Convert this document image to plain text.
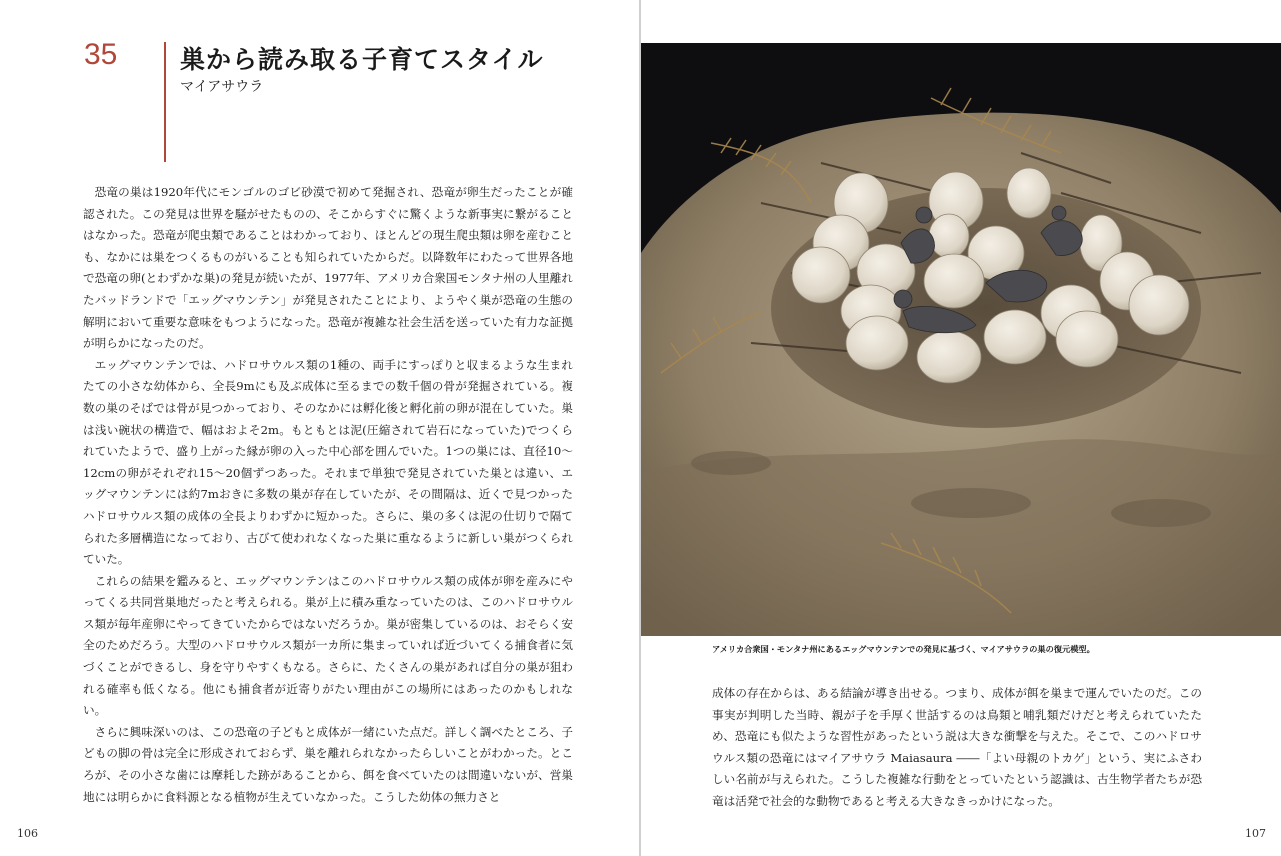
35	巣から読み取る子育てスタイル
マイアサウラ

恐竜の巣は1920年代にモンゴルのゴビ砂漠で初めて発掘され、恐竜が卵生だったことが確認された。この発見は世界を騒がせたものの、そこからすぐに驚くような新事実に繋がることはなかった。恐竜が爬虫類であることはわかっており、ほとんどの現生爬虫類は卵を産むことも、なかには巣をつくるものがいることも知られていたからだ。以降数年にわたって世界各地で恐竜の卵(とわずかな巣)の発見が続いたが、1977年、アメリカ合衆国モンタナ州の人里離れたバッドランドで「エッグマウンテン」が発見されたことにより、ようやく巣が恐竜の生態の解明において重要な意味をもつようになった。恐竜が複雑な社会生活を送っていた有力な証拠が明らかになったのだ。

エッグマウンテンでは、ハドロサウルス類の1種の、両手にすっぽりと収まるような生まれたての小さな幼体から、全長9mにも及ぶ成体に至るまでの数千個の骨が発掘されている。複数の巣のそばでは骨が見つかっており、そのなかには孵化後と孵化前の卵が混在していた。巣は浅い碗状の構造で、幅はおよそ2m。もともとは泥(圧縮されて岩石になっていた)でつくられていたようで、盛り上がった縁が卵の入った中心部を囲んでいた。1つの巣には、直径10～12cmの卵がそれぞれ15～20個ずつあった。それまで単独で発見されていた巣とは違い、エッグマウンテンには約7mおきに多数の巣が存在していたが、その間隔は、近くで見つかったハドロサウルス類の成体の全長よりわずかに短かった。さらに、巣の多くは泥の仕切りで隔てられた多層構造になっており、古びて使われなくなった巣に重なるように新しい巣がつくられていた。

これらの結果を鑑みると、エッグマウンテンはこのハドロサウルス類の成体が卵を産みにやってくる共同営巣地だったと考えられる。巣が上に積み重なっていたのは、このハドロサウルス類が毎年産卵にやってきていたからではないだろうか。巣が密集しているのは、おそらく安全のためだろう。大型のハドロサウルス類が一カ所に集まっていれば近づいてくる捕食者に気づくことができるし、身を守りやすくもなる。さらに、たくさんの巣があれば自分の巣が狙われる確率も低くなる。他にも捕食者が近寄りがたい理由がこの場所にはあったのかもしれない。

さらに興味深いのは、この恐竜の子どもと成体が一緒にいた点だ。詳しく調べたところ、子どもの脚の骨は完全に形成されておらず、巣を離れられなかったらしいことがわかった。ところが、その小さな歯には摩耗した跡があることから、餌を食べていたのは間違いないが、営巣地には明らかに食料源となる植物が生えていなかった。こうした幼体の無力さと

106
アメリカ合衆国・モンタナ州にあるエッグマウンテンでの発見に基づく、マイアサウラの巣の復元模型。

成体の存在からは、ある結論が導き出せる。つまり、成体が餌を巣まで運んでいたのだ。この事実が判明した当時、親が子を手厚く世話するのは鳥類と哺乳類だけだと考えられていたため、恐竜にも似たような習性があったという説は大きな衝撃を与えた。そこで、このハドロサウルス類の恐竜にはマイアサウラ Maiasaura ――「よい母親のトカゲ」という、実にふさわしい名前が与えられた。こうした複雑な行動をとっていたという認識は、古生物学者たちが恐竜は活発で社会的な動物であると考える大きなきっかけになった。

107
